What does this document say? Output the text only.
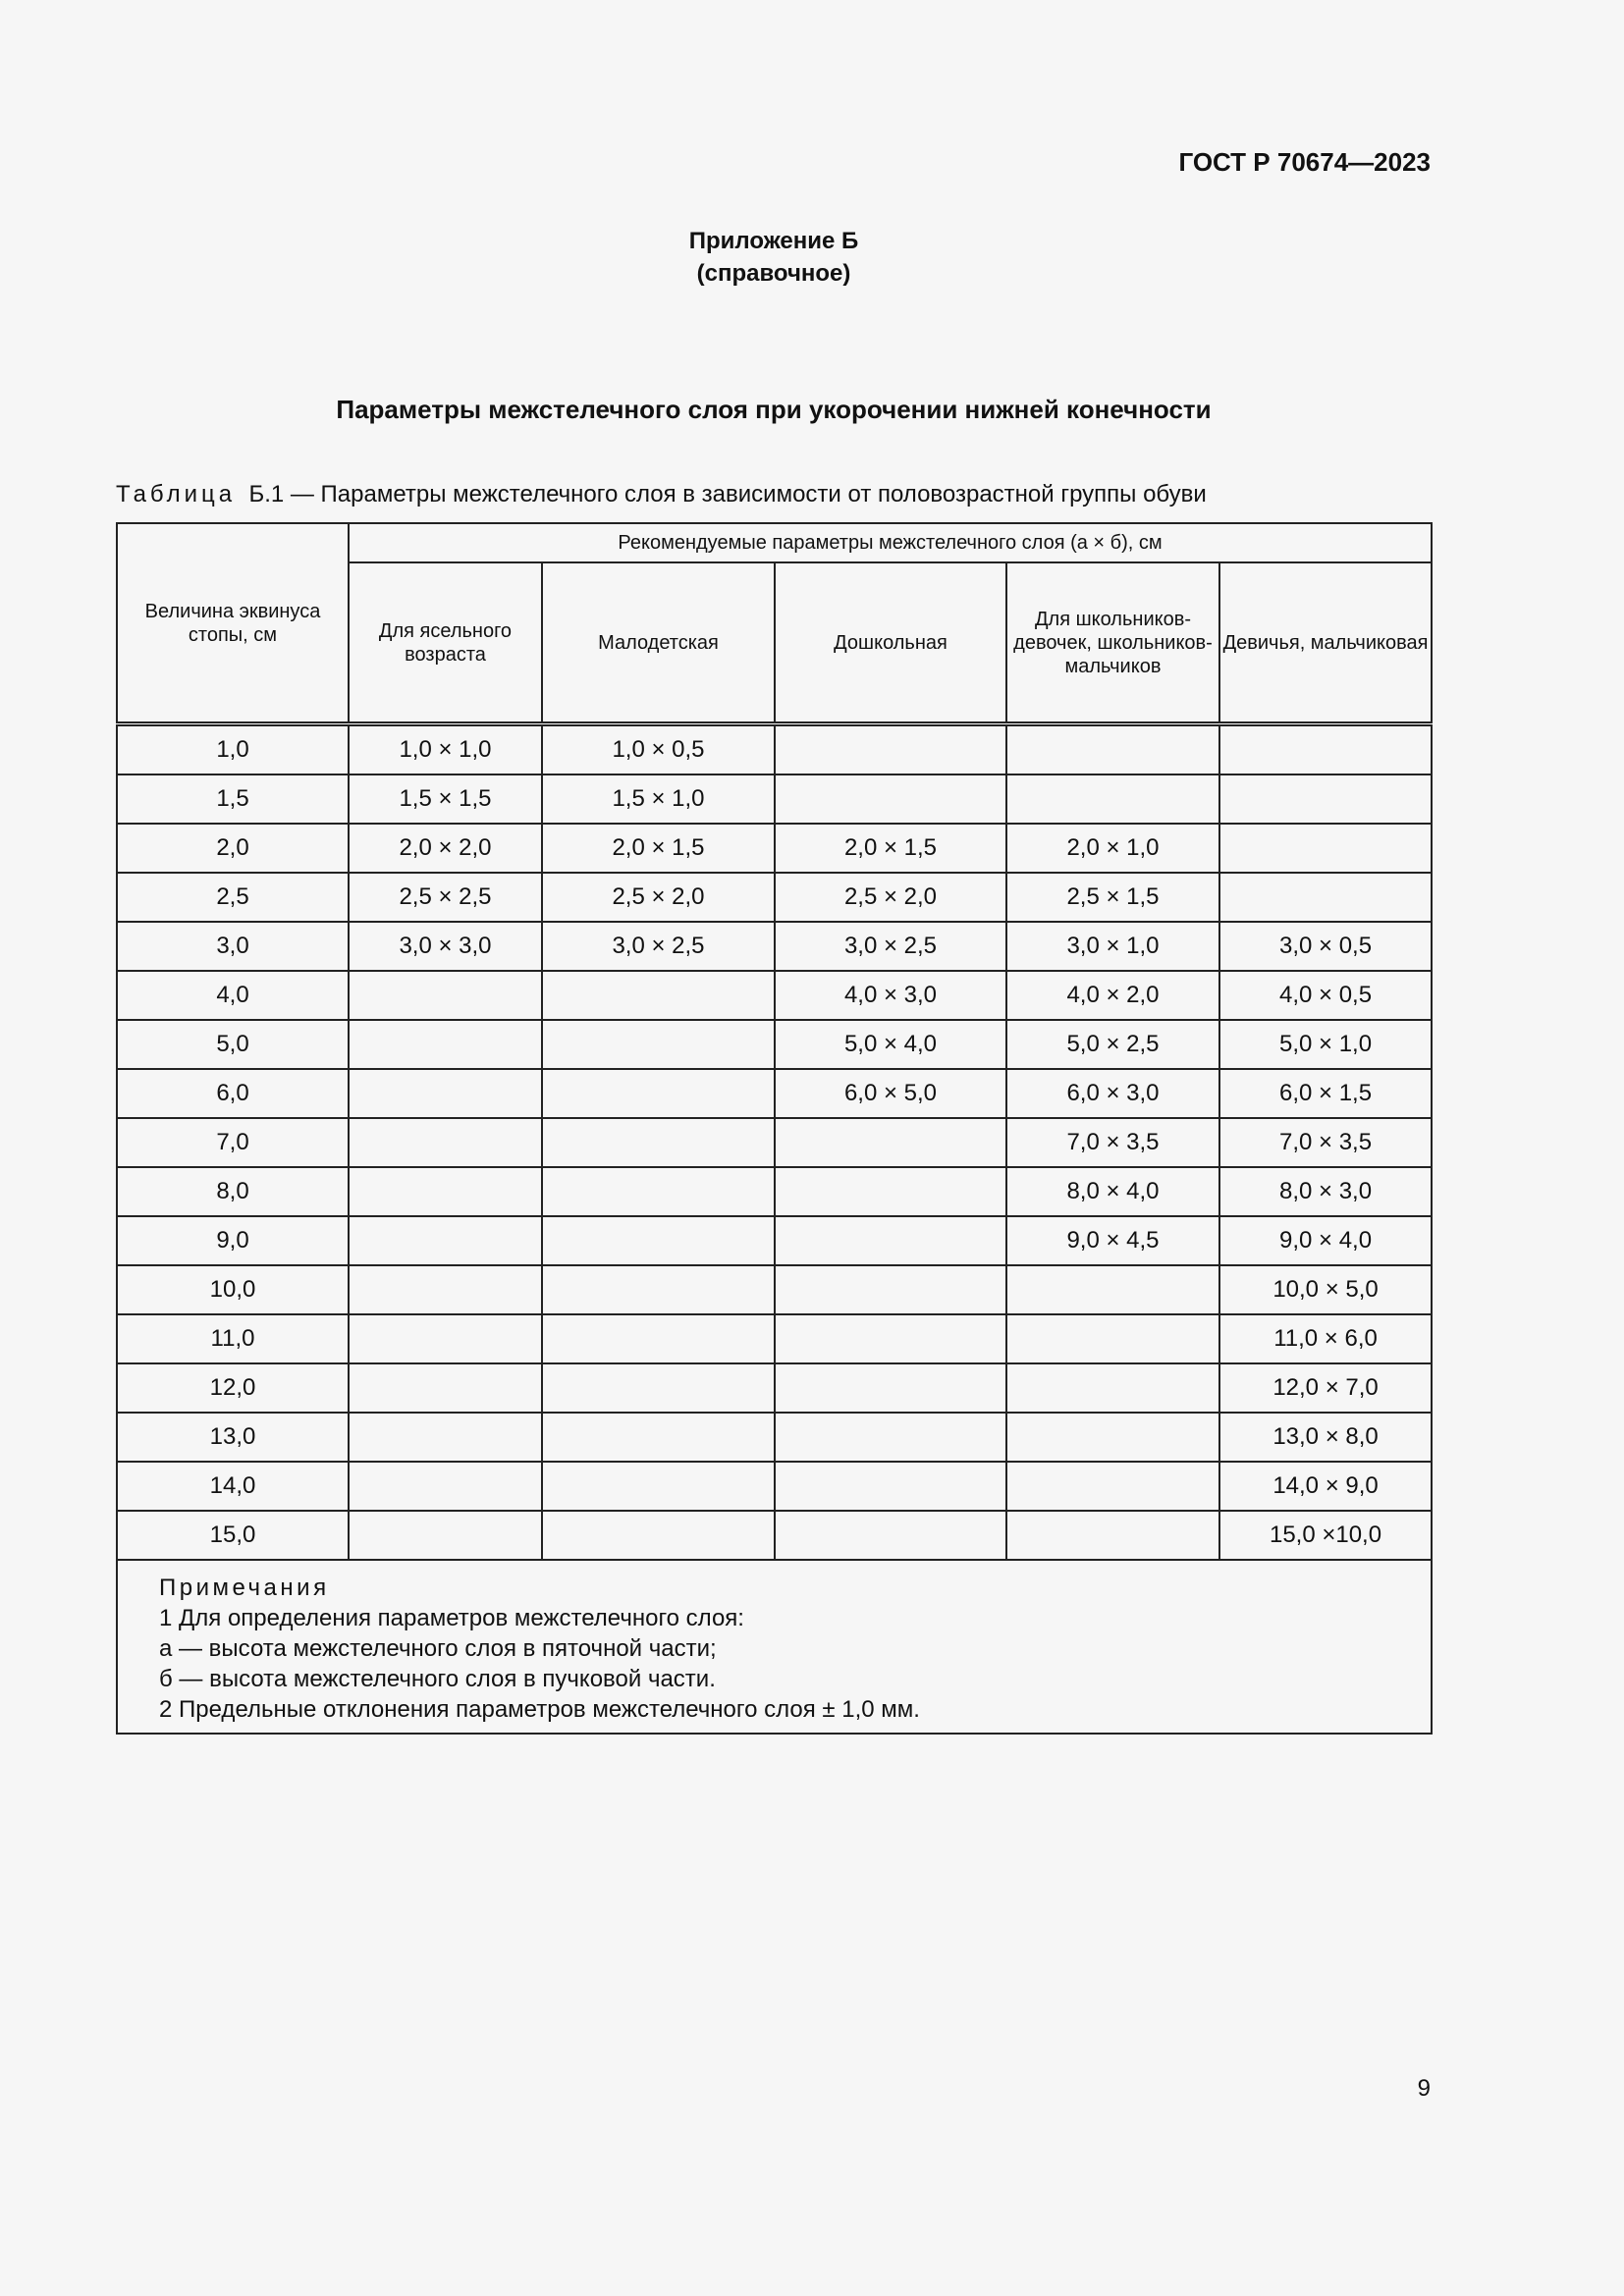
ГОСТ Р 70674—2023
Приложение Б
(справочное)
Параметры межстелечного слоя при укорочении нижней конечности
Таблица Б.1 — Параметры межстелечного слоя в зависимости от половозрастной группы обуви
Величина эквинуса стопы, см	Рекомендуемые параметры межстелечного слоя (а × б), см				
	Для ясельного возраста	Малодетская	Дошкольная	Для школьников-девочек, школьников-мальчиков	Девичья, мальчиковая
1,0	1,0 × 1,0	1,0 × 0,5			
1,5	1,5 × 1,5	1,5 × 1,0			
2,0	2,0 × 2,0	2,0 × 1,5	2,0 × 1,5	2,0 × 1,0	
2,5	2,5 × 2,5	2,5 × 2,0	2,5 × 2,0	2,5 × 1,5	
3,0	3,0 × 3,0	3,0 × 2,5	3,0 × 2,5	3,0 × 1,0	3,0 × 0,5
4,0			4,0 × 3,0	4,0 × 2,0	4,0 × 0,5
5,0			5,0 × 4,0	5,0 × 2,5	5,0 × 1,0
6,0			6,0 × 5,0	6,0 × 3,0	6,0 × 1,5
7,0				7,0 × 3,5	7,0 × 3,5
8,0				8,0 × 4,0	8,0 × 3,0
9,0				9,0 × 4,5	9,0 × 4,0
10,0					10,0 × 5,0
11,0					11,0 × 6,0
12,0					12,0 × 7,0
13,0					13,0 × 8,0
14,0					14,0 × 9,0
15,0					15,0 ×10,0

Примечания
1 Для определения параметров межстелечного слоя:
а — высота межстелечного слоя в пяточной части;
б — высота межстелечного слоя в пучковой части.
2 Предельные отклонения параметров межстелечного слоя ± 1,0 мм.					
9
